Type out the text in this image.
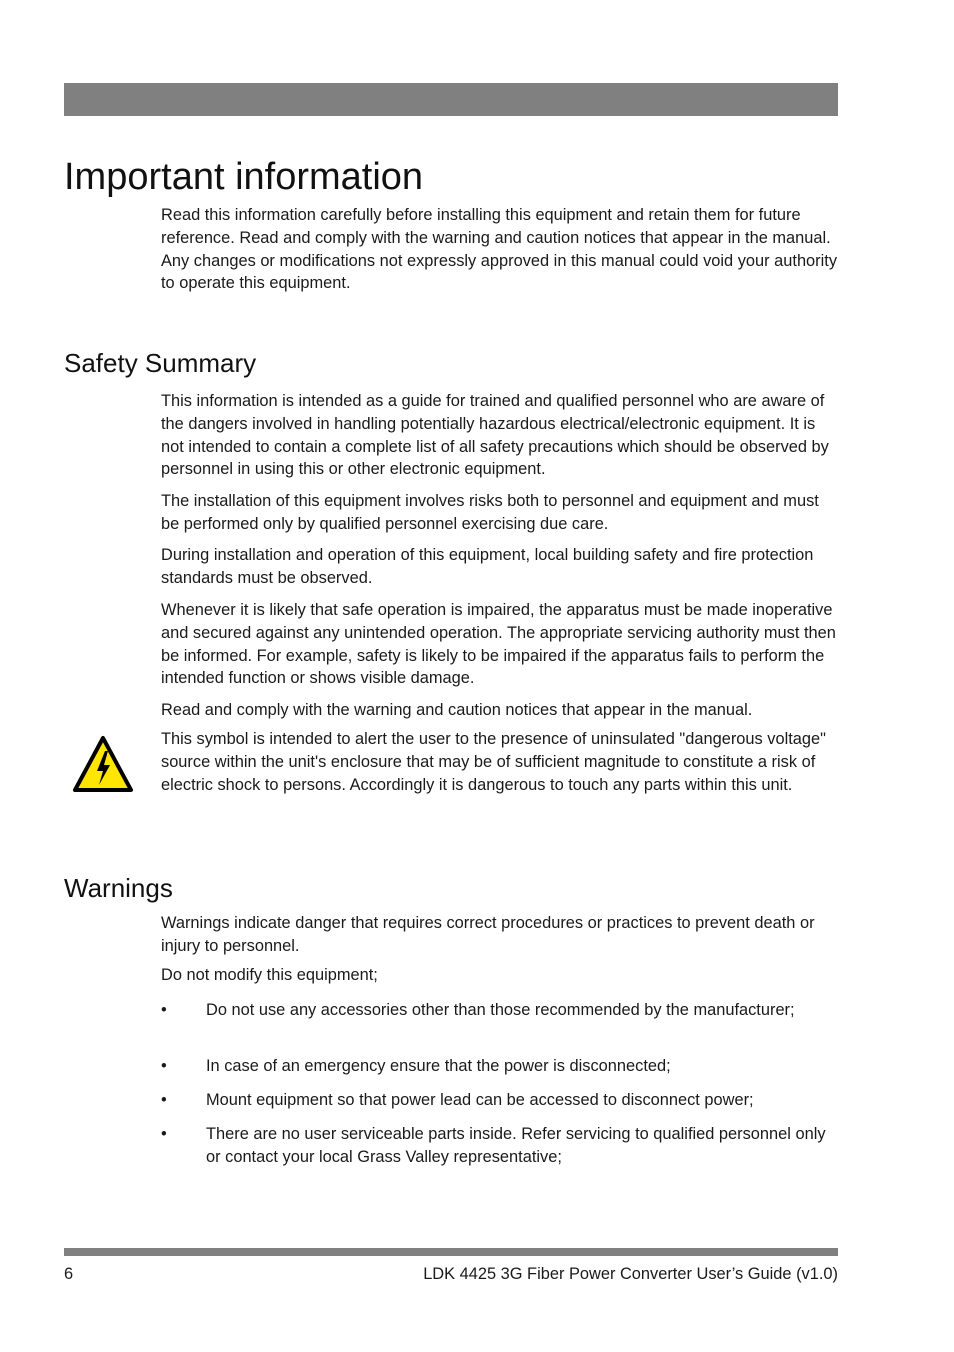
Important information

Read this information carefully before installing this equipment and retain them for future reference. Read and comply with the warning and caution notices that appear in the manual. Any changes or modifications not expressly approved in this manual could void your authority to operate this equipment.

Safety Summary

This information is intended as a guide for trained and qualified personnel who are aware of the dangers involved in handling potentially hazardous electrical/electronic equipment. It is not intended to contain a complete list of all safety precautions which should be observed by personnel in using this or other electronic equipment.

The installation of this equipment involves risks both to personnel and equipment and must be performed only by qualified personnel exercising due care.

During installation and operation of this equipment, local building safety and fire protection standards must be observed.

Whenever it is likely that safe operation is impaired, the apparatus must be made inoperative and secured against any unintended operation. The appropriate servicing authority must then be informed. For example, safety is likely to be impaired if the apparatus fails to perform the intended function or shows visible damage.

Read and comply with the warning and caution notices that appear in the manual.

This symbol is intended to alert the user to the presence of uninsulated "dangerous voltage" source within the unit's enclosure that may be of sufficient magnitude to constitute a risk of electric shock to persons. Accordingly it is dangerous to touch any parts within this unit.

Warnings

Warnings indicate danger that requires correct procedures or practices to prevent death or injury to personnel.

Do not modify this equipment;

•	Do not use any accessories other than those recommended by the manufacturer;

•	In case of an emergency ensure that the power is disconnected;

•	Mount equipment so that power lead can be accessed to disconnect power;

•	There are no user serviceable parts inside. Refer servicing to qualified personnel only or contact your local Grass Valley representative;

6	LDK 4425 3G Fiber Power Converter User’s Guide (v1.0)
